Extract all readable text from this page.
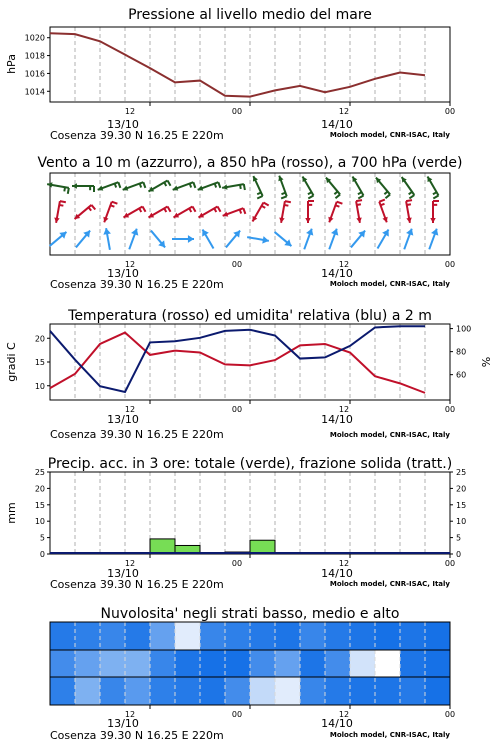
Pressione al livello medio del mare
hPa
1014
1016
1018
1020
12	00	12	00
13/10	14/10
Cosenza 39.30 N 16.25 E 220m	Moloch model, CNR-ISAC, Italy
Vento a 10 m (azzurro), a 850 hPa (rosso), a 700 hPa (verde)
12	00	12	00
13/10	14/10
Cosenza 39.30 N 16.25 E 220m	Moloch model, CNR-ISAC, Italy
Temperatura (rosso) ed umidita' relativa (blu) a 2 m
gradi C	%
10
15
20
60
80
100
12	00	12	00
13/10	14/10
Cosenza 39.30 N 16.25 E 220m	Moloch model, CNR-ISAC, Italy
Precip. acc. in 3 ore: totale (verde), frazione solida (tratt.)
mm
0	0
5	5
10	10
15	15
20	20
25	25
12	00	12	00
13/10	14/10
Cosenza 39.30 N 16.25 E 220m	Moloch model, CNR-ISAC, Italy
Nuvolosita' negli strati basso, medio e alto
12	00	12	00
13/10	14/10
Cosenza 39.30 N 16.25 E 220m	Moloch model, CNR-ISAC, Italy
